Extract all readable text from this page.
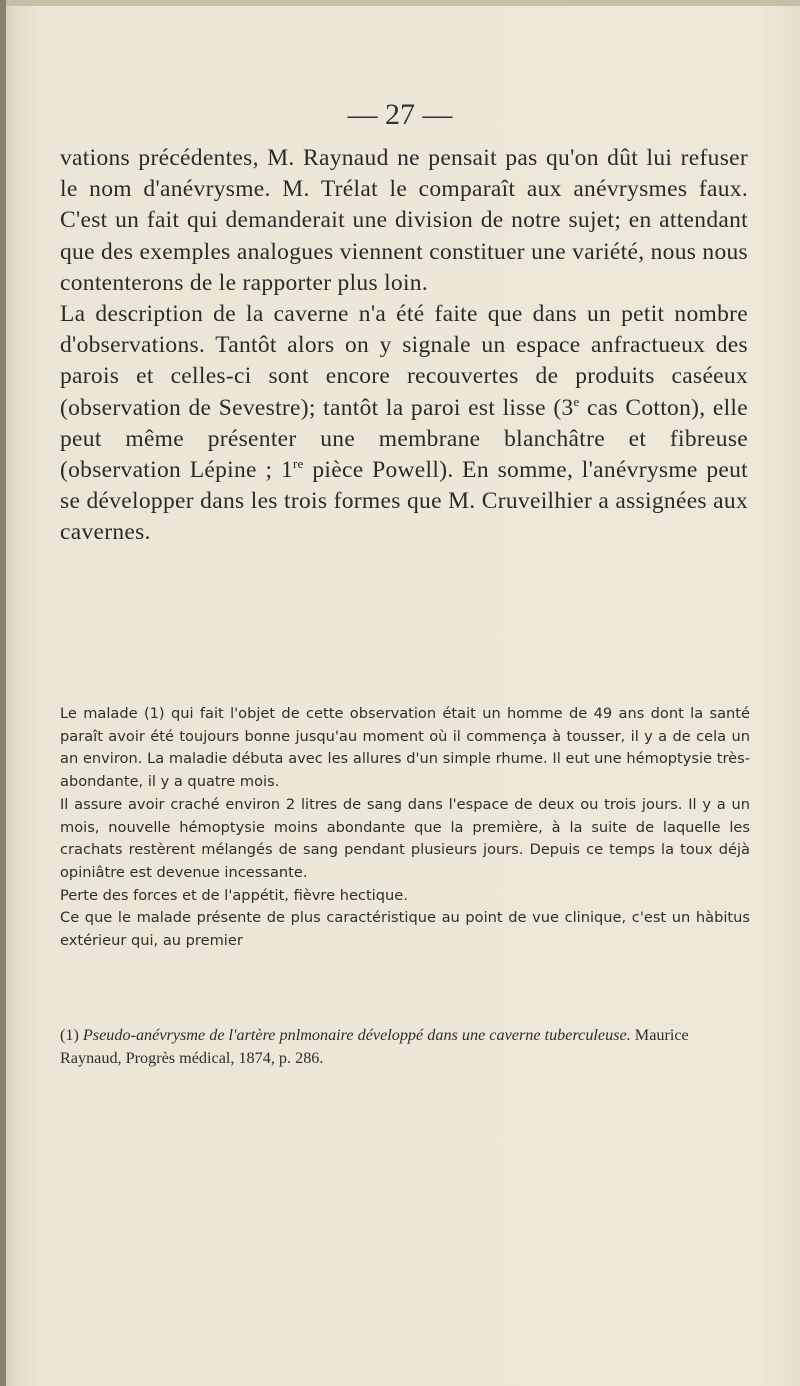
— 27 —

vations précédentes, M. Raynaud ne pensait pas qu'on dût lui refuser le nom d'anévrysme. M. Trélat le comparaît aux anévrysmes faux. C'est un fait qui demanderait une division de notre sujet; en attendant que des exemples analogues viennent constituer une variété, nous nous contenterons de le rapporter plus loin.

La description de la caverne n'a été faite que dans un petit nombre d'observations. Tantôt alors on y signale un espace anfractueux des parois et celles-ci sont encore recouvertes de produits caséeux (observation de Sevestre); tantôt la paroi est lisse (3e cas Cotton), elle peut même présenter une membrane blanchâtre et fibreuse (observation Lépine ; 1re pièce Powell). En somme, l'anévrysme peut se développer dans les trois formes que M. Cruveilhier a assignées aux cavernes.

Le malade (1) qui fait l'objet de cette observation était un homme de 49 ans dont la santé paraît avoir été toujours bonne jusqu'au moment où il commença à tousser, il y a de cela un an environ. La maladie débuta avec les allures d'un simple rhume. Il eut une hémoptysie très-abondante, il y a quatre mois.

Il assure avoir craché environ 2 litres de sang dans l'espace de deux ou trois jours. Il y a un mois, nouvelle hémoptysie moins abondante que la première, à la suite de laquelle les crachats restèrent mélangés de sang pendant plusieurs jours. Depuis ce temps la toux déjà opiniâtre est devenue incessante.

Perte des forces et de l'appétit, fièvre hectique.

Ce que le malade présente de plus caractéristique au point de vue clinique, c'est un hàbitus extérieur qui, au premier

(1) Pseudo-anévrysme de l'artère pnlmonaire développé dans une caverne tuberculeuse. Maurice Raynaud, Progrès médical, 1874, p. 286.
